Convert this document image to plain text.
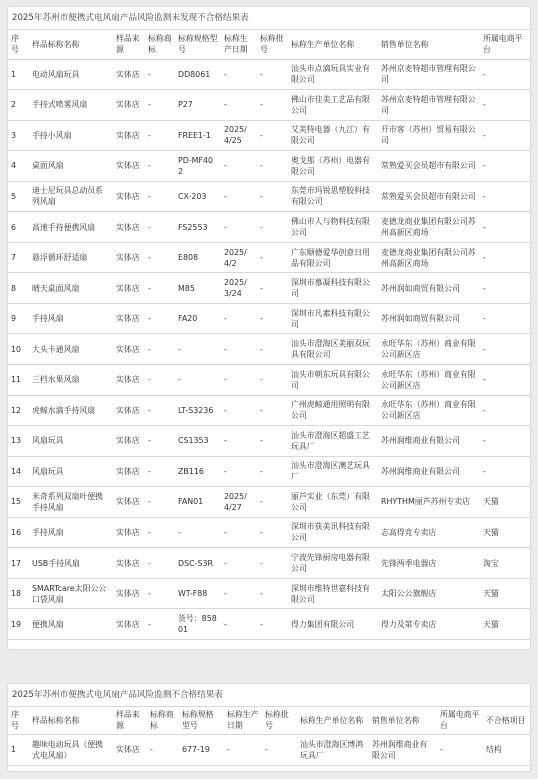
2025年苏州市便携式电风扇产品风险监测未发现不合格结果表
序号	样品标称名称	样品来源	标称商标	标称规格型号	标称生产日期	标称批号	标称生产单位名称	销售单位名称	所属电商平台
1	电动风扇玩具	实体店	-	DD8061	-	-	汕头市点滴玩具实业有限公司	苏州京麦特超市管理有限公司	-
2	手持式喷雾风扇	实体店	-	P27	-	-	佛山市佳美工艺品有限公司	苏州京麦特超市管理有限公司	-
3	手持小风扇	实体店	-	FREE1-1	2025/4/25	-	艾美特电器（九江）有限公司	开市客（苏州）贸易有限公司	-
4	桌面风扇	实体店	-	PD-MF402	-	-	奥戈那（苏州）电器有限公司	常熟爱买会员超市有限公司	-
5	迪士尼玩具总动员系列风扇	实体店	-	CX-203	-	-	东莞市玛锐思塑胶科技有限公司	常熟爱买会员超市有限公司	-
6	高速手持便携风扇	实体店	-	FS2553	-	-	佛山市人与物科技有限公司	麦德龙商业集团有限公司苏州高新区商场	-
7	悬浮循环舒适扇	实体店	-	E808	2025/4/2	-	广东顺德爱华创意日用品有限公司	麦德龙商业集团有限公司苏州高新区商场	-
8	晴天桌面风扇	实体店	-	M85	2025/3/24	-	深圳市慕凝科技有限公司	苏州润如商贸有限公司	-
9	手持风扇	实体店	-	FA20	-	-	深圳市凡素科技有限公司	苏州润如商贸有限公司	-
10	大头卡通风扇	实体店	-	-	-	-	汕头市澄海区美丽双玩具有限公司	永旺华东（苏州）商业有限公司新区店	-
11	三档水果风扇	实体店	-	-	-	-	汕头市朝东玩具有限公司	永旺华东（苏州）商业有限公司新区店	-
12	虎鲸水滴手持风扇	实体店	-	LT-S3236	-	-	广州虎鲸通用照明有限公司	永旺华东（苏州）商业有限公司新区店	-
13	风扇玩具	实体店	-	CS1353	-	-	汕头市澄海区超盛工艺玩具厂	苏州润维商业有限公司	-
14	风扇玩具	实体店	-	ZB116	-	-	汕头市澄海区澳艺玩具厂	苏州润维商业有限公司	-
15	米奇系列双扇叶便携手持风扇	实体店	-	FAN01	2025/4/27	-	丽芦实业（东莞）有限公司	RHYTHM丽芦苏州专卖店	天猫
16	手持风扇	实体店	-	-	-	-	深圳市获美讯科技有限公司	志高得竞专卖店	天猫
17	USB手持风扇	实体店	-	DSC-S3R	-	-	宁波先锋厨房电器有限公司	先锋两季电器店	淘宝
18	SMARTcare太阳公公口袋风扇	实体店	-	WT-F88	-	-	深圳市维特世嘉科技有限公司	太阳公公旗舰店	天猫
19	便携风扇	实体店	-	货号：85801	-	-	得力集团有限公司	得力及第专卖店	天猫
2025年苏州市便携式电风扇产品风险监测不合格结果表
序号	样品标称名称	样品来源	标称商标	标称规格型号	标称生产日期	标称批号	标称生产单位名称	销售单位名称	所属电商平台	不合格项目
1	趣味电动玩具（便携式电风扇）	实体店	-	677-19	-	-	汕头市澄海区博鸿玩具厂	苏州润维商业有限公司	-	结构
